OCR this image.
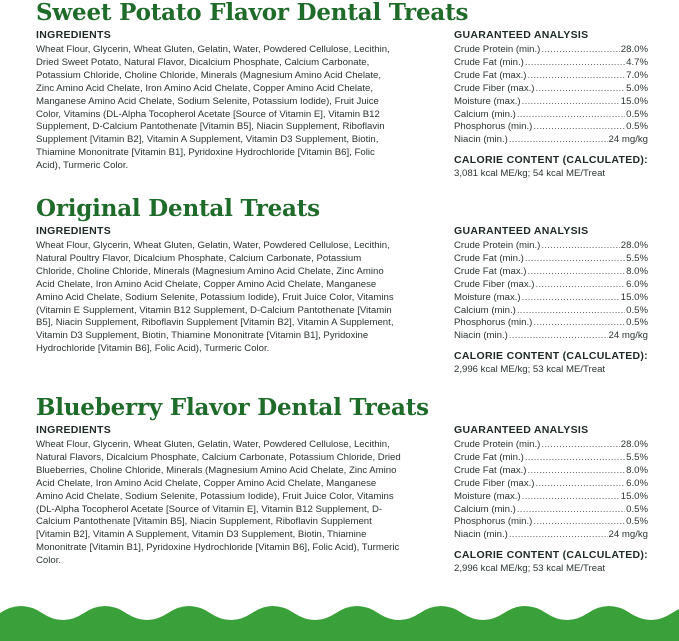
Sweet Potato Flavor Dental Treats
INGREDIENTS

Wheat Flour, Glycerin, Wheat Gluten, Gelatin, Water, Powdered Cellulose, Lecithin, Dried Sweet Potato, Natural Flavor, Dicalcium Phosphate, Calcium Carbonate, Potassium Chloride, Choline Chloride, Minerals (Magnesium Amino Acid Chelate, Zinc Amino Acid Chelate, Iron Amino Acid Chelate, Copper Amino Acid Chelate, Manganese Amino Acid Chelate, Sodium Selenite, Potassium Iodide), Fruit Juice Color, Vitamins (DL-Alpha Tocopherol Acetate [Source of Vitamin E], Vitamin B12 Supplement, D-Calcium Pantothenate [Vitamin B5], Niacin Supplement, Riboflavin Supplement [Vitamin B2], Vitamin A Supplement, Vitamin D3 Supplement, Biotin, Thiamine Mononitrate [Vitamin B1], Pyridoxine Hydrochloride [Vitamin B6], Folic Acid), Turmeric Color.

GUARANTEED ANALYSIS
Crude Protein (min.) .....	28.0%
Crude Fat (min.) .....	4.7%
Crude Fat (max.) .....	7.0%
Crude Fiber (max.) .....	5.0%
Moisture (max.) .....	15.0%
Calcium (min.) .....	0.5%
Phosphorus (min.) .....	0.5%
Niacin (min.) .....	24 mg/kg
CALORIE CONTENT (CALCULATED):
3,081 kcal ME/kg; 54 kcal ME/Treat
Original Dental Treats
INGREDIENTS

Wheat Flour, Glycerin, Wheat Gluten, Gelatin, Water, Powdered Cellulose, Lecithin, Natural Poultry Flavor, Dicalcium Phosphate, Calcium Carbonate, Potassium Chloride, Choline Chloride, Minerals (Magnesium Amino Acid Chelate, Zinc Amino Acid Chelate, Iron Amino Acid Chelate, Copper Amino Acid Chelate, Manganese Amino Acid Chelate, Sodium Selenite, Potassium Iodide), Fruit Juice Color, Vitamins (Vitamin E Supplement, Vitamin B12 Supplement, D-Calcium Pantothenate [Vitamin B5], Niacin Supplement, Riboflavin Supplement [Vitamin B2], Vitamin A Supplement, Vitamin D3 Supplement, Biotin, Thiamine Mononitrate [Vitamin B1], Pyridoxine Hydrochloride [Vitamin B6], Folic Acid), Turmeric Color.

GUARANTEED ANALYSIS
Crude Protein (min.) .....	28.0%
Crude Fat (min.) .....	5.5%
Crude Fat (max.) .....	8.0%
Crude Fiber (max.) .....	6.0%
Moisture (max.) .....	15.0%
Calcium (min.) .....	0.5%
Phosphorus (min.) .....	0.5%
Niacin (min.) .....	24 mg/kg
CALORIE CONTENT (CALCULATED):
2,996 kcal ME/kg; 53 kcal ME/Treat
Blueberry Flavor Dental Treats
INGREDIENTS

Wheat Flour, Glycerin, Wheat Gluten, Gelatin, Water, Powdered Cellulose, Lecithin, Natural Flavors, Dicalcium Phosphate, Calcium Carbonate, Potassium Chloride, Dried Blueberries, Choline Chloride, Minerals (Magnesium Amino Acid Chelate, Zinc Amino Acid Chelate, Iron Amino Acid Chelate, Copper Amino Acid Chelate, Manganese Amino Acid Chelate, Sodium Selenite, Potassium Iodide), Fruit Juice Color, Vitamins (DL-Alpha Tocopherol Acetate [Source of Vitamin E], Vitamin B12 Supplement, D-Calcium Pantothenate [Vitamin B5], Niacin Supplement, Riboflavin Supplement [Vitamin B2], Vitamin A Supplement, Vitamin D3 Supplement, Biotin, Thiamine Mononitrate [Vitamin B1], Pyridoxine Hydrochloride [Vitamin B6], Folic Acid), Turmeric Color.

GUARANTEED ANALYSIS
Crude Protein (min.) .....	28.0%
Crude Fat (min.) .....	5.5%
Crude Fat (max.) .....	8.0%
Crude Fiber (max.) .....	6.0%
Moisture (max.) .....	15.0%
Calcium (min.) .....	0.5%
Phosphorus (min.) .....	0.5%
Niacin (min.) .....	24 mg/kg
CALORIE CONTENT (CALCULATED):
2,996 kcal ME/kg; 53 kcal ME/Treat
